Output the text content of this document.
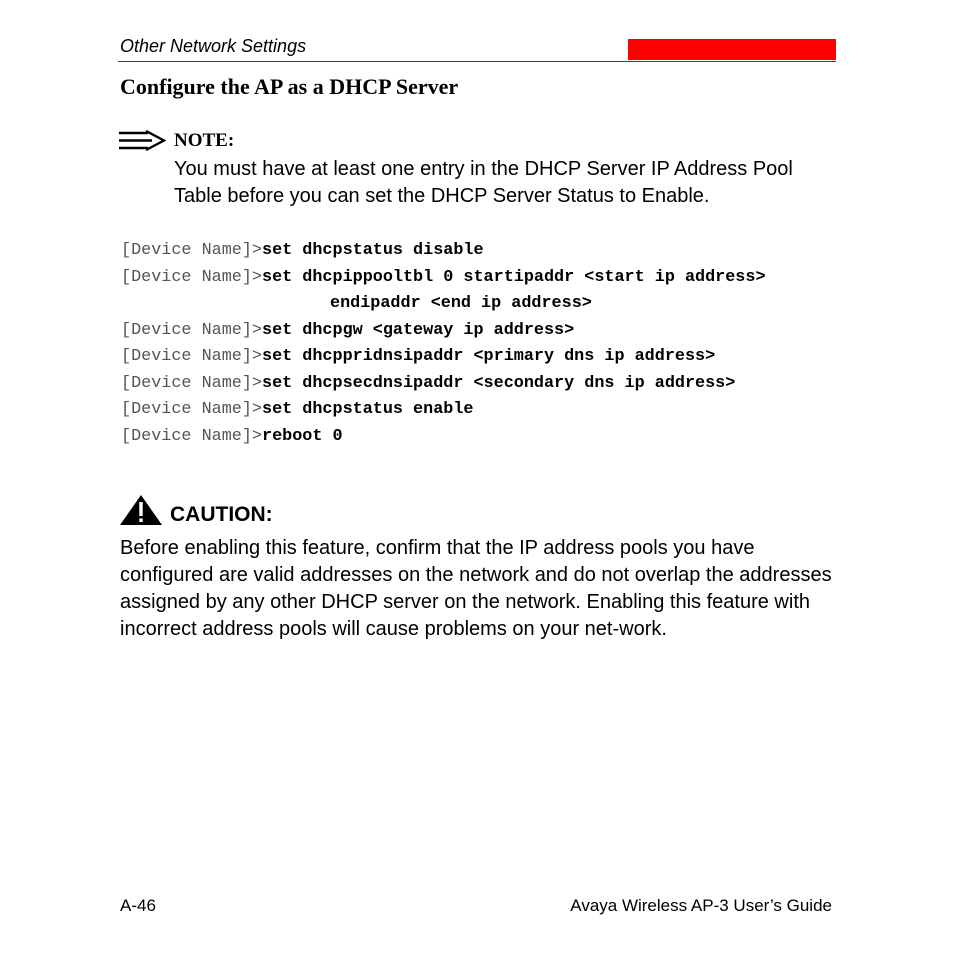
Other Network Settings
Configure the AP as a DHCP Server
NOTE:
You must have at least one entry in the DHCP Server IP Address Pool Table before you can set the DHCP Server Status to Enable.
[Device Name]>set dhcpstatus disable
[Device Name]>set dhcpippooltbl 0 startipaddr <start ip address>
endipaddr <end ip address>
[Device Name]>set dhcpgw <gateway ip address>
[Device Name]>set dhcppridnsipaddr <primary dns ip address>
[Device Name]>set dhcpsecdnsipaddr <secondary dns ip address>
[Device Name]>set dhcpstatus enable
[Device Name]>reboot 0
CAUTION:
Before enabling this feature, confirm that the IP address pools you have configured are valid addresses on the network and do not overlap the addresses assigned by any other DHCP server on the network. Enabling this feature with incorrect address pools will cause problems on your net-work.
A-46	Avaya Wireless AP-3 User’s Guide
